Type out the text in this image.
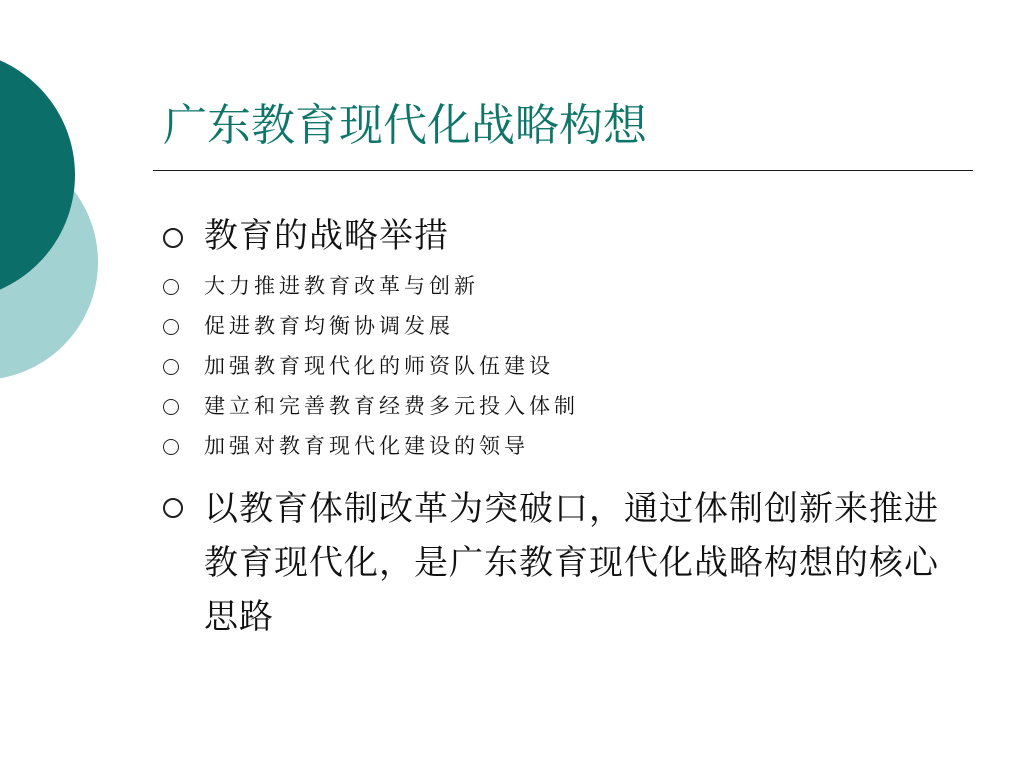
广东教育现代化战略构想
教育的战略举措
大力推进教育改革与创新
促进教育均衡协调发展
加强教育现代化的师资队伍建设
建立和完善教育经费多元投入体制
加强对教育现代化建设的领导
以教育体制改革为突破口，通过体制创新来推进教育现代化，是广东教育现代化战略构想的核心思路
